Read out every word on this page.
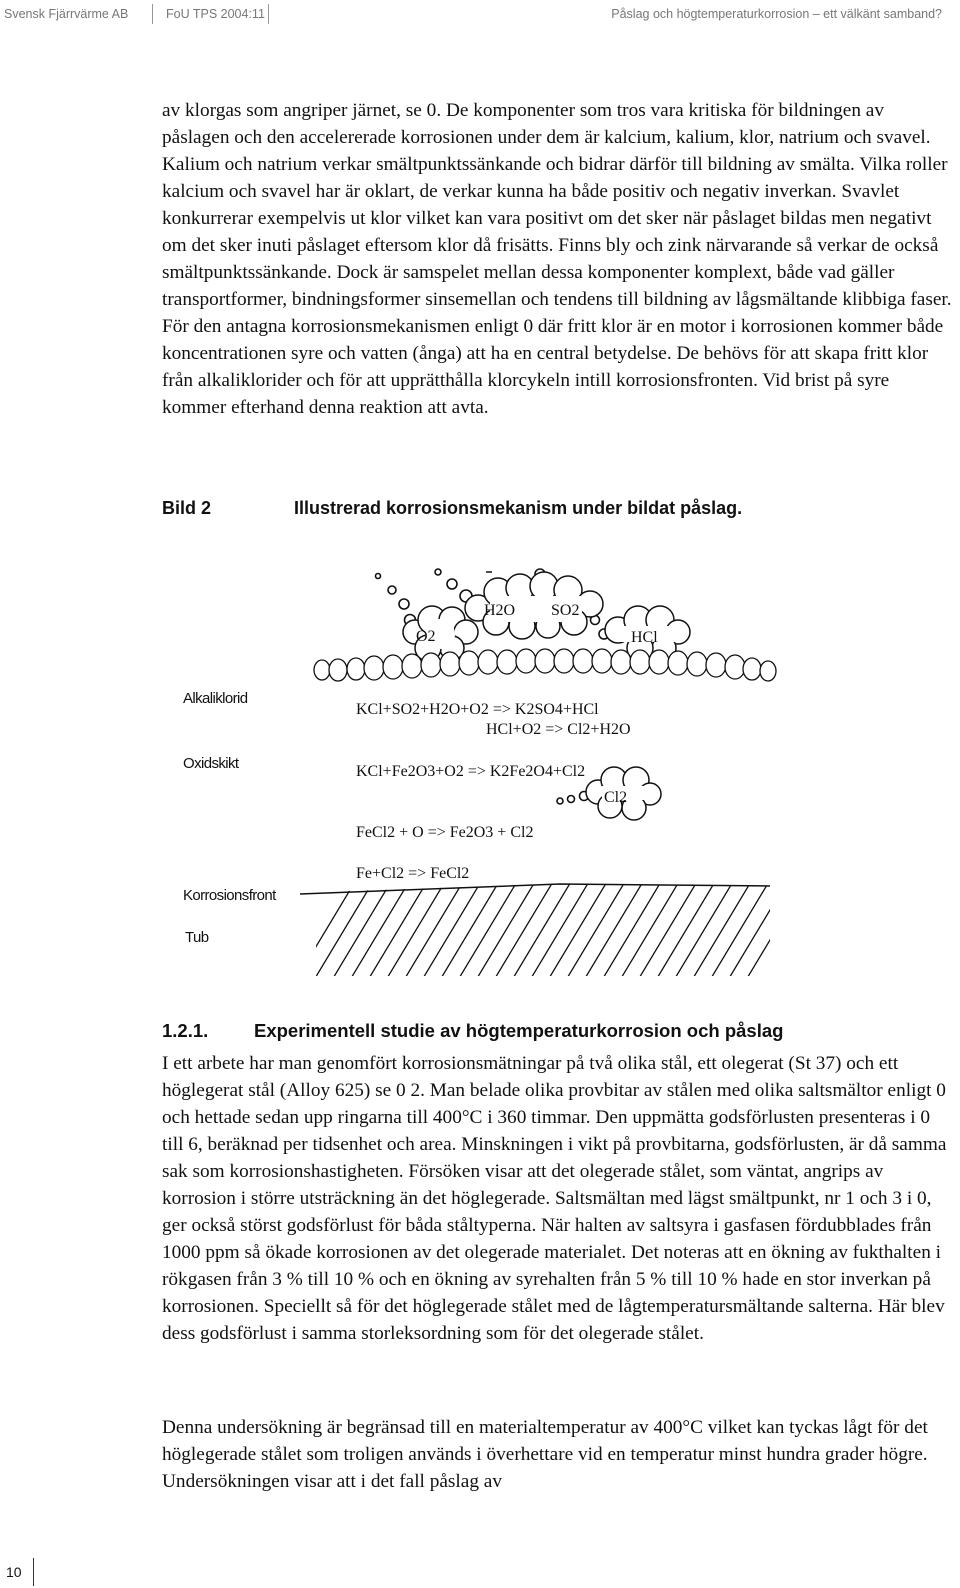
Svensk Fjärrvärme AB	FoU TPS 2004:11	Påslag och högtemperaturkorrosion – ett välkänt samband?

av klorgas som angriper järnet, se 0. De komponenter som tros vara kritiska för bildningen av påslagen och den accelererade korrosionen under dem är kalcium, kalium, klor, natrium och svavel. Kalium och natrium verkar smältpunktssänkande och bidrar därför till bildning av smälta. Vilka roller kalcium och svavel har är oklart, de verkar kunna ha både positiv och negativ inverkan. Svavlet konkurrerar exempelvis ut klor vilket kan vara positivt om det sker när påslaget bildas men negativt om det sker inuti påslaget eftersom klor då frisätts. Finns bly och zink närvarande så verkar de också smältpunktssänkande. Dock är samspelet mellan dessa komponenter komplext, både vad gäller transportformer, bindningsformer sinsemellan och tendens till bildning av lågsmältande klibbiga faser. För den antagna korrosionsmekanismen enligt 0 där fritt klor är en motor i korrosionen kommer både koncentrationen syre och vatten (ånga) att ha en central betydelse. De behövs för att skapa fritt klor från alkaliklorider och för att upprätthålla klorcykeln intill korrosionsfronten. Vid brist på syre kommer efterhand denna reaktion att avta.

Bild 2	Illustrerad korrosionsmekanism under bildat påslag.
O2
H2O SO2
HCl
Cl2
Alkaliklorid
Oxidskikt
Korrosionsfront
Tub
KCl+SO2+H2O+O2 => K2SO4+HCl
HCl+O2 => Cl2+H2O
KCl+Fe2O3+O2 => K2Fe2O4+Cl2
FeCl2 + O => Fe2O3 + Cl2
Fe+Cl2 => FeCl2
1.2.1. Experimentell studie av högtemperaturkorrosion och påslag

I ett arbete har man genomfört korrosionsmätningar på två olika stål, ett olegerat (St 37) och ett höglegerat stål (Alloy 625) se 0 2. Man belade olika provbitar av stålen med olika saltsmältor enligt 0 och hettade sedan upp ringarna till 400°C i 360 timmar. Den uppmätta godsförlusten presenteras i 0 till 6, beräknad per tidsenhet och area. Minskningen i vikt på provbitarna, godsförlusten, är då samma sak som korrosionshastigheten. Försöken visar att det olegerade stålet, som väntat, angrips av korrosion i större utsträckning än det höglegerade. Saltsmältan med lägst smältpunkt, nr 1 och 3 i 0, ger också störst godsförlust för båda ståltyperna. När halten av saltsyra i gasfasen fördubblades från 1000 ppm så ökade korrosionen av det olegerade materialet. Det noteras att en ökning av fukthalten i rökgasen från 3 % till 10 % och en ökning av syrehalten från 5 % till 10 % hade en stor inverkan på korrosionen. Speciellt så för det höglegerade stålet med de lågtemperatursmältande salterna. Här blev dess godsförlust i samma storleksordning som för det olegerade stålet.

Denna undersökning är begränsad till en materialtemperatur av 400°C vilket kan tyckas lågt för det höglegerade stålet som troligen används i överhettare vid en temperatur minst hundra grader högre. Undersökningen visar att i det fall påslag av

10
